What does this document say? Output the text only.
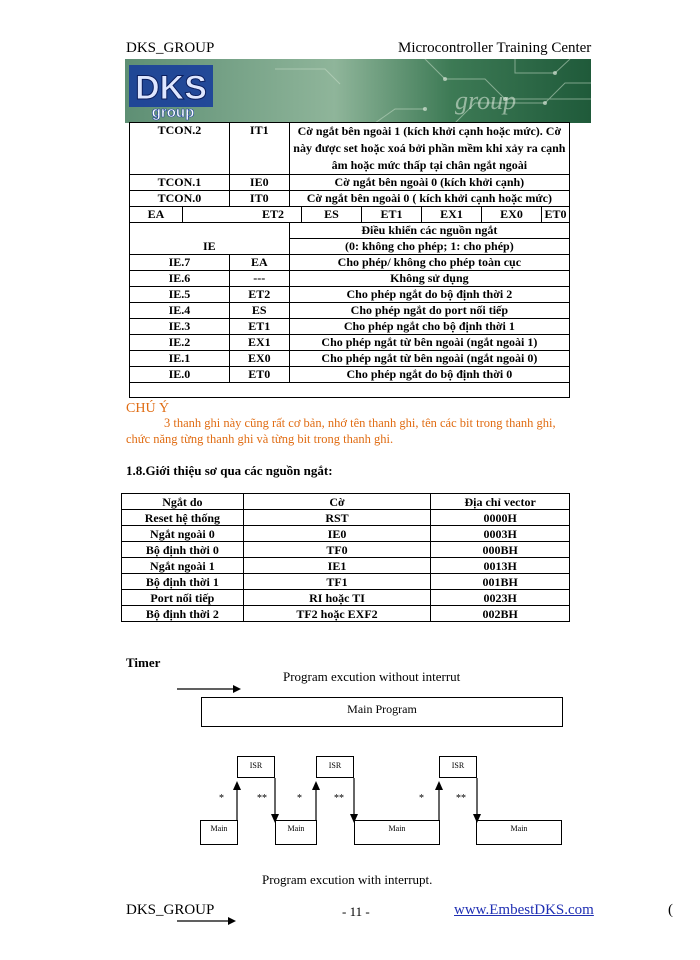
DKS_GROUP	Microcontroller Training Center
DKS
group	group
TCON.2	IT1	Cờ ngắt bên ngoài 1 (kích khởi cạnh hoặc mức). Cờ này được set hoặc xoá bởi phần mềm khi xảy ra cạnh âm hoặc mức thấp tại chân ngắt ngoài
TCON.1	IE0	Cờ ngắt bên ngoài 0 (kích khởi cạnh)
TCON.0	IT0	Cờ ngắt bên ngoài 0 ( kích khởi cạnh hoặc mức)

EA		ET2	ES	ET1	EX1	EX0	ET0

	Điều khiển các nguồn ngắt
IE	(0: không cho phép; 1: cho phép)
IE.7	EA	Cho phép/ không cho phép toàn cục
IE.6	---	Không sử dụng
IE.5	ET2	Cho phép ngắt do bộ định thời 2
IE.4	ES	Cho phép ngắt do port nối tiếp
IE.3	ET1	Cho phép ngắt cho bộ định thời 1
IE.2	EX1	Cho phép ngắt từ bên ngoài (ngắt ngoài 1)
IE.1	EX0	Cho phép ngắt từ bên ngoài (ngắt ngoài 0)
IE.0	ET0	Cho phép ngắt do bộ định thời 0

CHÚ Ý
3 thanh ghi này cũng rất cơ bản, nhớ tên thanh ghi, tên các bit trong thanh ghi, chức năng từng thanh ghi và từng bit trong thanh ghi.
1.8.Giới thiệu sơ qua các nguồn ngắt:
Ngắt do	Cờ	Địa chỉ vector
Reset hệ thống	RST	0000H
Ngắt ngoài 0	IE0	0003H
Bộ định thời 0	TF0	000BH
Ngắt ngoài 1	IE1	0013H
Bộ định thời 1	TF1	001BH
Port nối tiếp	RI hoặc TI	0023H
Bộ định thời 2	TF2 hoặc EXF2	002BH
Timer
Program excution without interrut
Main Program
ISR	ISR	ISR
*	**	*	**	*	**
Main	Main	Main	Main
Program excution with interrupt.
DKS_GROUP	- 11 -	www.EmbestDKS.com	(
